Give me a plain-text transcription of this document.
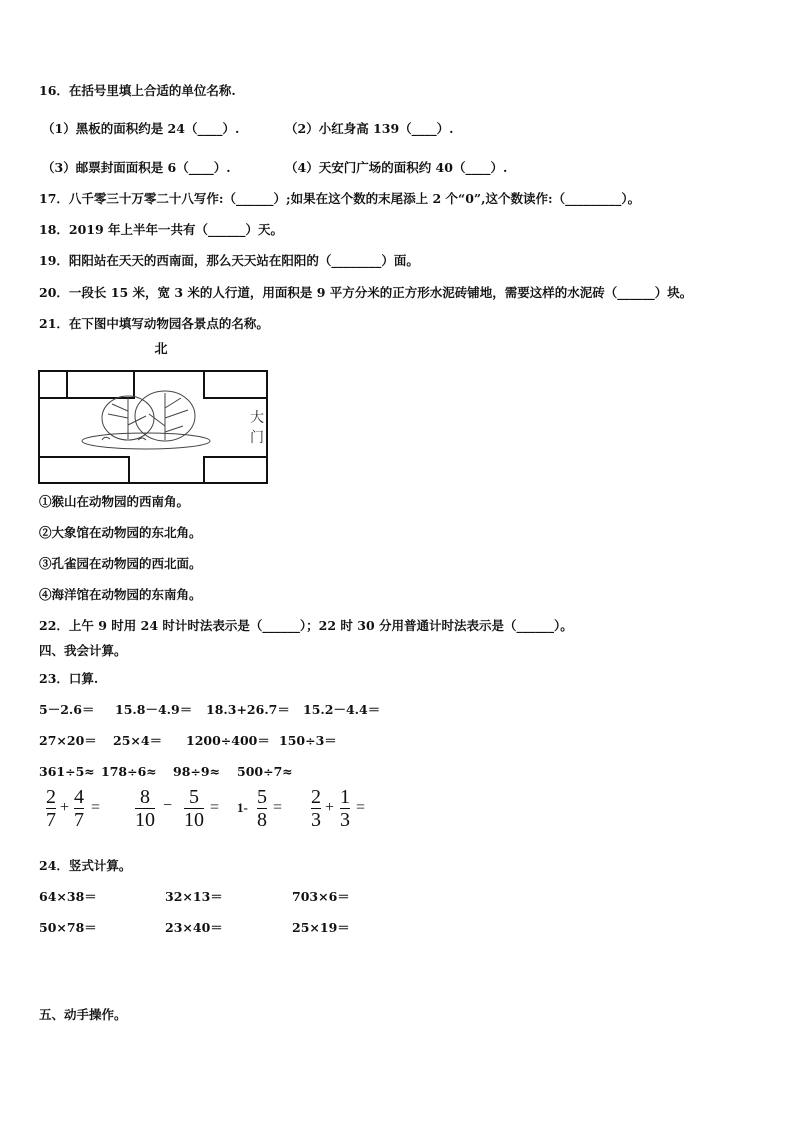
16．在括号里填上合适的单位名称.
（1）黑板的面积约是 24（____）.	（2）小红身高 139（____）.
（3）邮票封面面积是 6（____）.	（4）天安门广场的面积约 40（____）.
17．八千零三十万零二十八写作:（______）;如果在这个数的末尾添上 2 个“0”,这个数读作:（_________）。
18．2019 年上半年一共有（______）天。
19．阳阳站在天天的西南面，那么天天站在阳阳的（________）面。
20．一段长 15 米，宽 3 米的人行道，用面积是 9 平方分米的正方形水泥砖铺地，需要这样的水泥砖（______）块。
21．在下图中填写动物园各景点的名称。
北
大
门
①猴山在动物园的西南角。
②大象馆在动物园的东北角。
③孔雀园在动物园的西北面。
④海洋馆在动物园的东南角。
22．上午 9 时用 24 时计时法表示是（______）；22 时 30 分用普通计时法表示是（______）。
四、我会计算。
23．口算.
5－2.6＝ 15.8－4.9＝ 18.3+26.7＝ 15.2－4.4＝
27×20＝ 25×4＝ 1200÷400＝ 150÷3＝
361÷5≈ 178÷6≈ 98÷9≈ 500÷7≈
2
7
+ 4
7
= 8
10
− 5
10
= 1- 5
8
= 2
3
+ 1
3
=
24．竖式计算。
64×38＝	32×13＝	703×6＝
50×78＝	23×40＝	25×19＝
五、动手操作。
